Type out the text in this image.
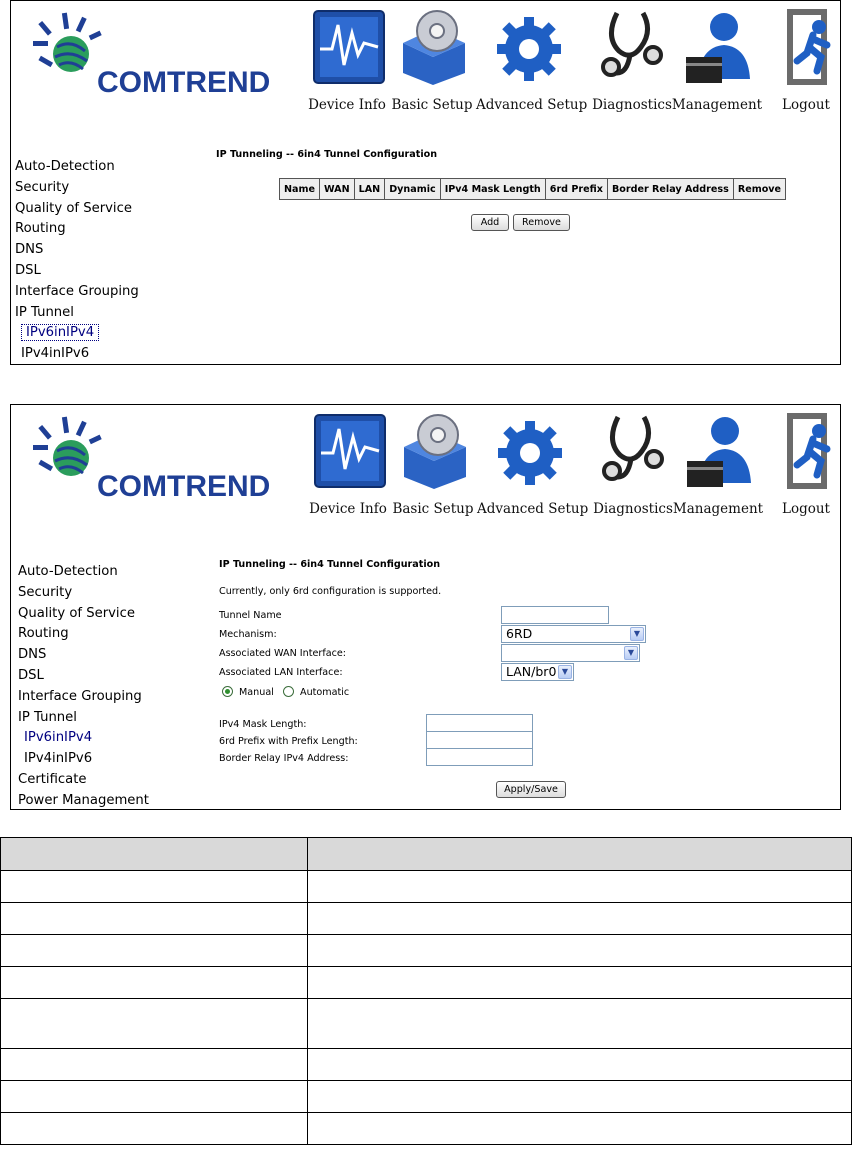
COMTREND
Device Info Basic Setup Advanced Setup Diagnostics Management	Logout
Auto-Detection
Security
Quality of Service
Routing
DNS
DSL
Interface Grouping
IP Tunnel
IPv6inIPv4
IPv4inIPv6
IP Tunneling -- 6in4 Tunnel Configuration
Name	WAN	LAN	Dynamic	IPv4 Mask Length	6rd Prefix	Border Relay Address	Remove
Add	Remove
COMTREND
Device Info Basic Setup Advanced Setup Diagnostics Management	Logout
Auto-Detection
Security
Quality of Service
Routing
DNS
DSL
Interface Grouping
IP Tunnel
IPv6inIPv4
IPv4inIPv6
Certificate
Power Management
IP Tunneling -- 6in4 Tunnel Configuration
Currently, only 6rd configuration is supported.
Tunnel Name
Mechanism:	6RD	▼
Associated WAN Interface:	▼
Associated LAN Interface:	LAN/br0 ▼
Manual	Automatic
IPv4 Mask Length:
6rd Prefix with Prefix Length:
Border Relay IPv4 Address:
Apply/Save
